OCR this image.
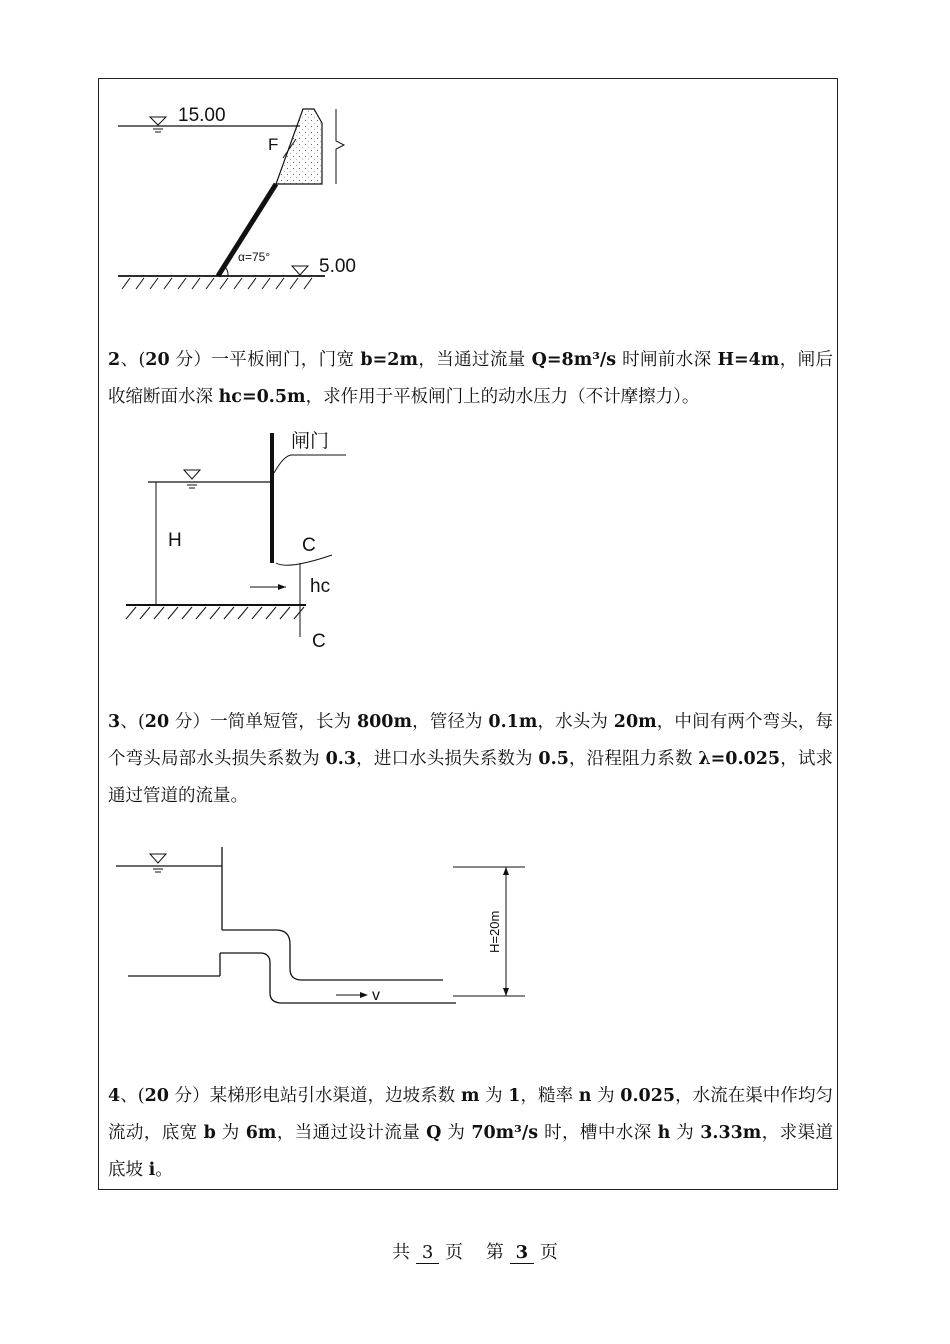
15.00
F
α=75°	5.00
2、(20 分）一平板闸门，门宽 b=2m，当通过流量 Q=8m³/s 时闸前水深 H=4m，闸后收缩断面水深 hc=0.5m，求作用于平板闸门上的动水压力（不计摩擦力）。
闸门
H	C
hc
C
3、(20 分）一简单短管，长为 800m，管径为 0.1m，水头为 20m，中间有两个弯头，每个弯头局部水头损失系数为 0.3，进口水头损失系数为 0.5，沿程阻力系数 λ=0.025，试求通过管道的流量。
v
H=20m
4、(20 分）某梯形电站引水渠道，边坡系数 m 为 1，糙率 n 为 0.025，水流在渠中作均匀流动，底宽 b 为 6m，当通过设计流量 Q 为 70m³/s 时，槽中水深 h 为 3.33m，求渠道底坡 i。
共 3 页 第 3 页
